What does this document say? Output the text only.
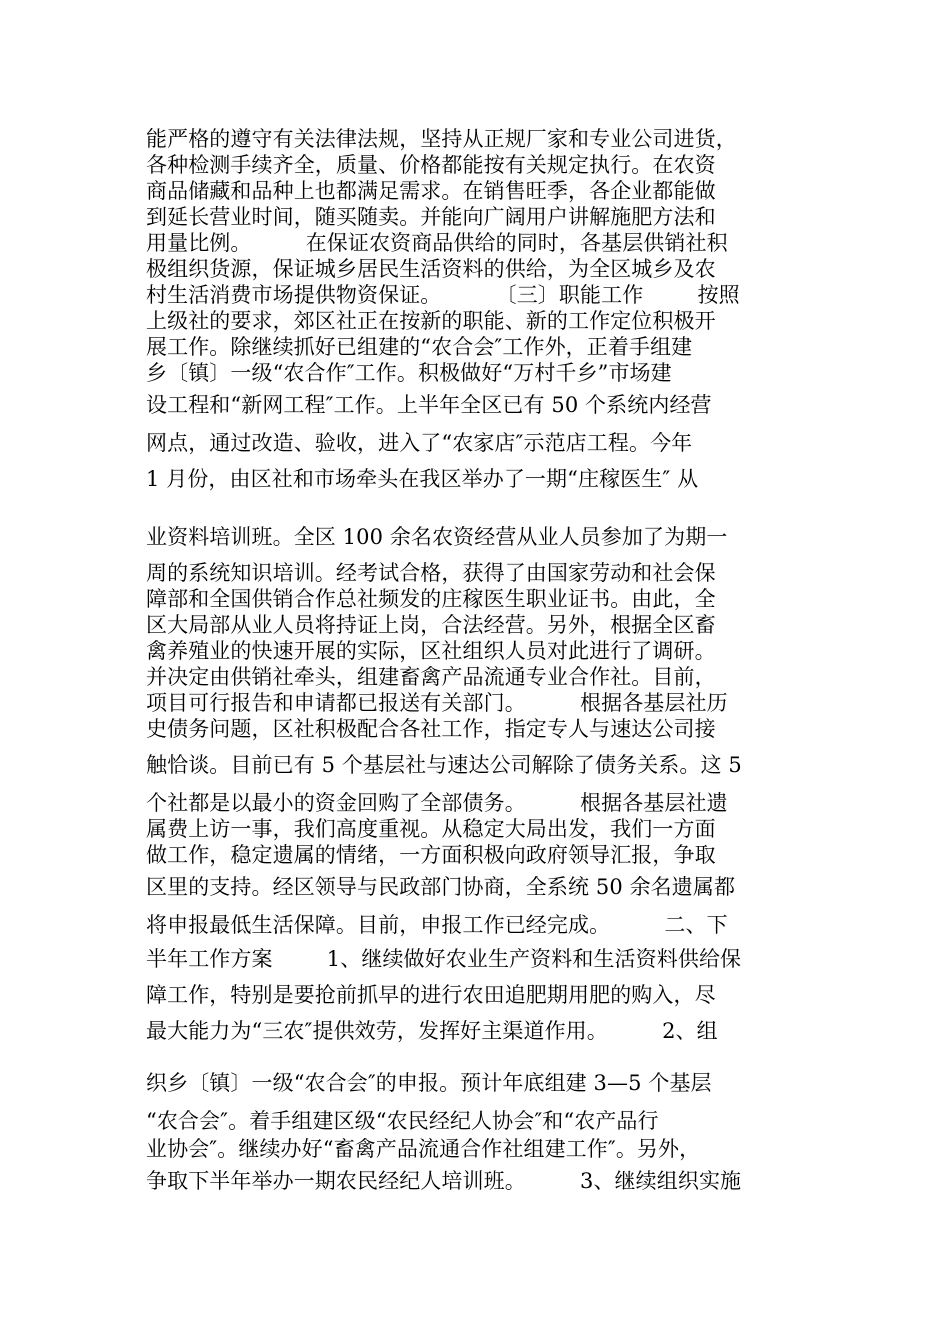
能严格的遵守有关法律法规，坚持从正规厂家和专业公司进货，
各种检测手续齐全，质量、价格都能按有关规定执行。在农资
商品储藏和品种上也都满足需求。在销售旺季，各企业都能做
到延长营业时间，随买随卖。并能向广阔用户讲解施肥方法和
用量比例。        在保证农资商品供给的同时，各基层供销社积
极组织货源，保证城乡居民生活资料的供给，为全区城乡及农
村生活消费市场提供物资保证。        〔三〕职能工作        按照
上级社的要求，郊区社正在按新的职能、新的工作定位积极开
展工作。除继续抓好已组建的“农合会″工作外，正着手组建
乡〔镇〕一级“农合作″工作。积极做好“万村千乡”市场建
设工程和“新网工程″工作。上半年全区已有 50 个系统内经营
网点，通过改造、验收，进入了“农家店″示范店工程。今年
1 月份，由区社和市场牵头在我区举办了一期“庄稼医生″ 从
业资料培训班。全区 100 余名农资经营从业人员参加了为期一
周的系统知识培训。经考试合格，获得了由国家劳动和社会保
障部和全国供销合作总社频发的庄稼医生职业证书。由此，全
区大局部从业人员将持证上岗，合法经营。另外，根据全区畜
禽养殖业的快速开展的实际，区社组织人员对此进行了调研。
并决定由供销社牵头，组建畜禽产品流通专业合作社。目前，
项目可行报告和申请都已报送有关部门。        根据各基层社历
史债务问题，区社积极配合各社工作，指定专人与速达公司接
触恰谈。目前已有 5 个基层社与速达公司解除了债务关系。这 5
个社都是以最小的资金回购了全部债务。        根据各基层社遗
属费上访一事，我们高度重视。从稳定大局出发，我们一方面
做工作，稳定遗属的情绪，一方面积极向政府领导汇报，争取
区里的支持。经区领导与民政部门协商，全系统 50 余名遗属都
将申报最低生活保障。目前，申报工作已经完成。        二、下
半年工作方案        1、继续做好农业生产资料和生活资料供给保
障工作，特别是要抢前抓早的进行农田追肥期用肥的购入，尽
最大能力为“三农″提供效劳，发挥好主渠道作用。        2、组
织乡〔镇〕一级“农合会″的申报。预计年底组建 3—5 个基层
“农合会″。着手组建区级“农民经纪人协会″和“农产品行
业协会″。继续办好“畜禽产品流通合作社组建工作″。另外，
争取下半年举办一期农民经纪人培训班。        3、继续组织实施
